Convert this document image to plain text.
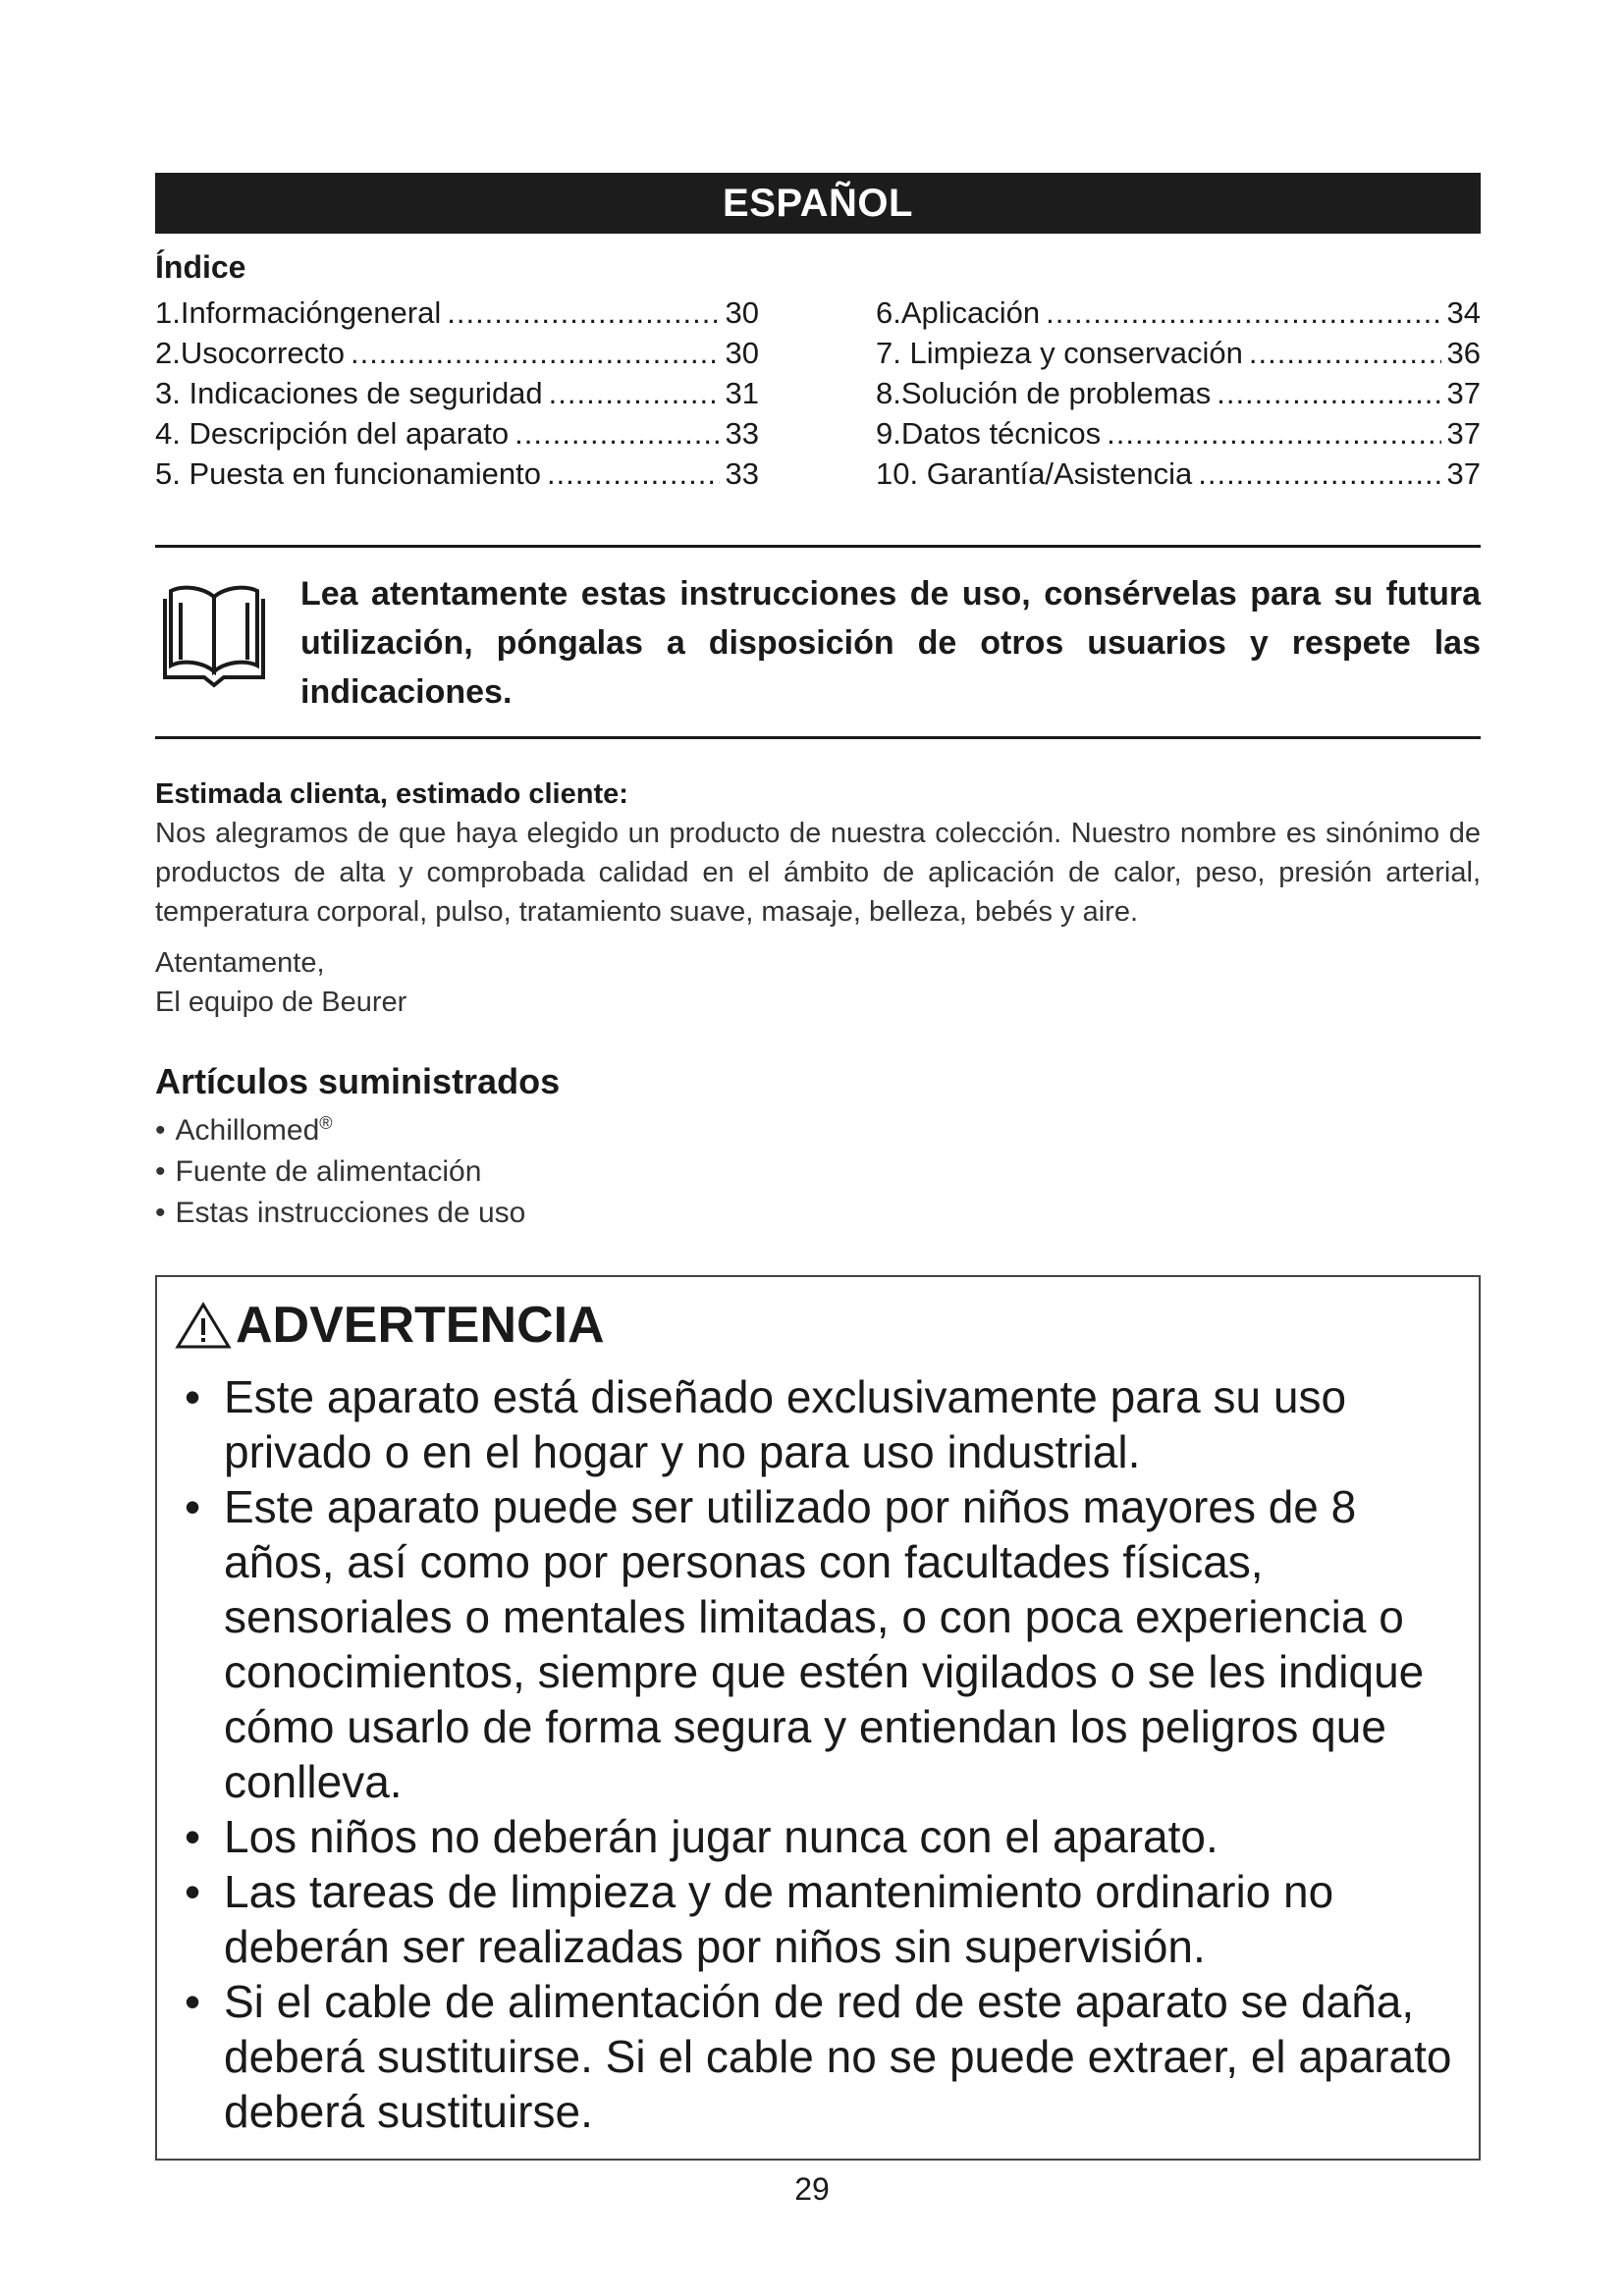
ESPAÑOL
Índice
1.Informacióngeneral .....	30
2.Usocorrecto .....	30
3. Indicaciones de seguridad .....	31
4. Descripción del aparato .....	33
5. Puesta en funcionamiento .....	33
6.Aplicación .....	34
7. Limpieza y conservación .....	36
8.Solución de problemas .....	37
9.Datos técnicos .....	37
10. Garantía/Asistencia .....	37
Lea atentamente estas instrucciones de uso, consérvelas para su futura utilización, póngalas a disposición de otros usuarios y respete las indicaciones.
Estimada clienta, estimado cliente:
Nos alegramos de que haya elegido un producto de nuestra colección. Nuestro nombre es sinónimo de productos de alta y comprobada calidad en el ámbito de aplicación de calor, peso, presión arterial, temperatura corporal, pulso, tratamiento suave, masaje, belleza, bebés y aire.
Atentamente,
El equipo de Beurer
Artículos suministrados
• Achillomed®
• Fuente de alimentación
• Estas instrucciones de uso
ADVERTENCIA
• Este aparato está diseñado exclusivamente para su uso privado o en el hogar y no para uso industrial.
• Este aparato puede ser utilizado por niños mayores de 8 años, así como por personas con facultades físicas, sensoriales o mentales limitadas, o con poca experiencia o conocimientos, siempre que estén vigilados o se les indique cómo usarlo de forma segura y entiendan los peligros que conlleva.
• Los niños no deberán jugar nunca con el aparato.
• Las tareas de limpieza y de mantenimiento ordinario no deberán ser realizadas por niños sin supervisión.
• Si el cable de alimentación de red de este aparato se daña, deberá sustituirse. Si el cable no se puede extraer, el aparato deberá sustituirse.
29
